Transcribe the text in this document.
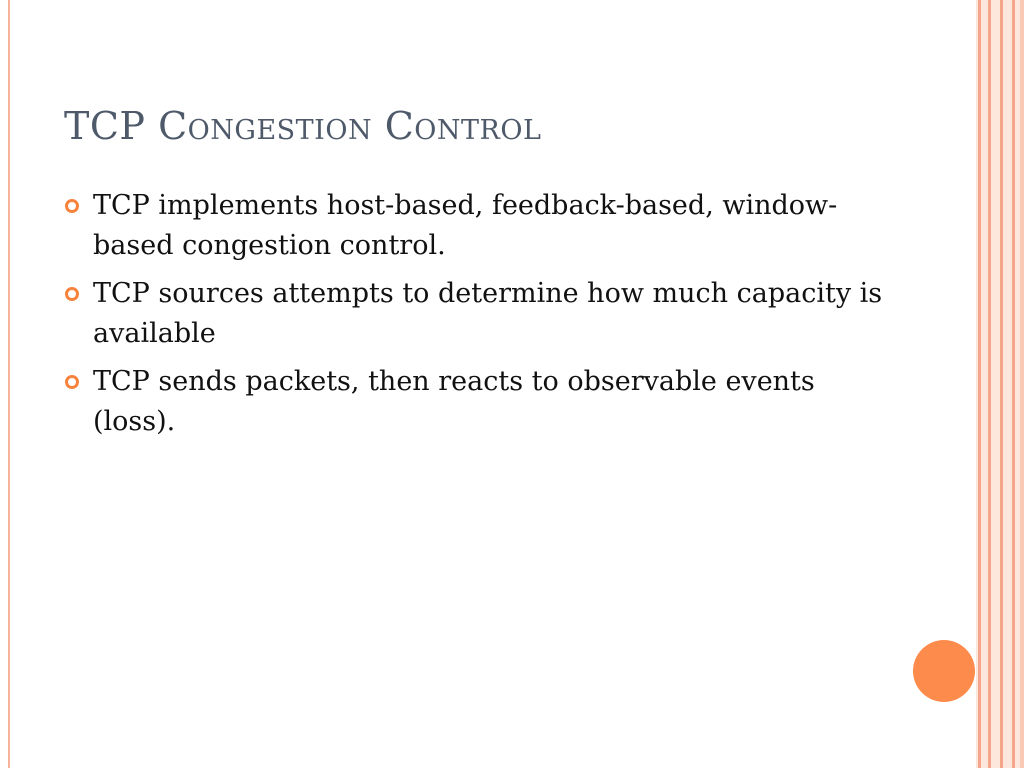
TCP Congestion Control
TCP implements host-based, feedback-based, window-based congestion control.
TCP sources attempts to determine how much capacity is available
TCP sends packets, then reacts to observable events (loss).
